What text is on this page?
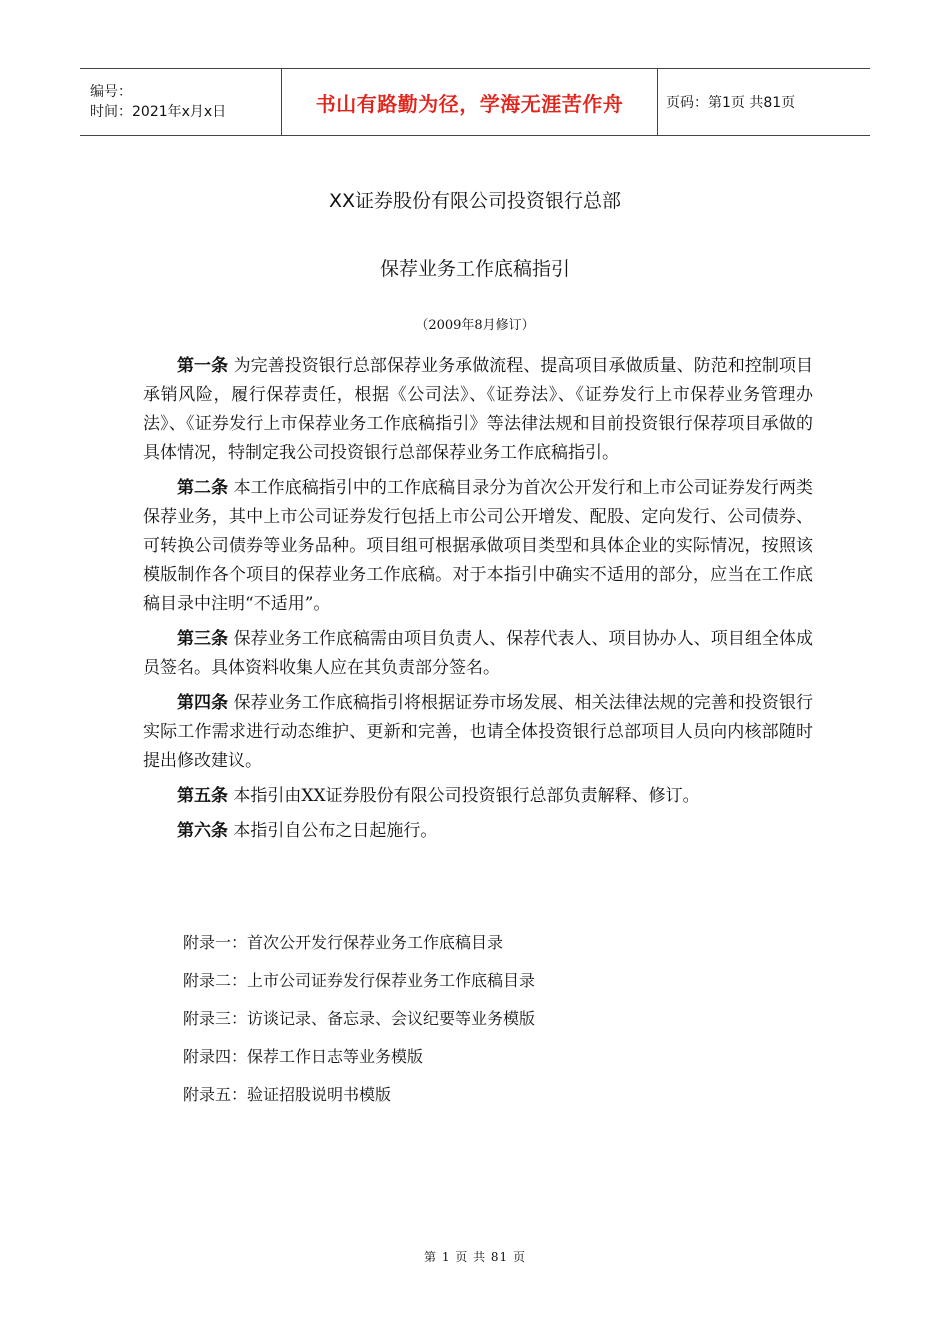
编号：
时间：2021年x月x日	书山有路勤为径，学海无涯苦作舟	页码：第1页 共81页
XX证券股份有限公司投资银行总部
保荐业务工作底稿指引
（2009年8月修订）

第一条 为完善投资银行总部保荐业务承做流程、提高项目承做质量、防范和控制项目承销风险，履行保荐责任，根据《公司法》、《证券法》、《证券发行上市保荐业务管理办法》、《证券发行上市保荐业务工作底稿指引》等法律法规和目前投资银行保荐项目承做的具体情况，特制定我公司投资银行总部保荐业务工作底稿指引。

第二条 本工作底稿指引中的工作底稿目录分为首次公开发行和上市公司证券发行两类保荐业务，其中上市公司证券发行包括上市公司公开增发、配股、定向发行、公司债券、可转换公司债券等业务品种。项目组可根据承做项目类型和具体企业的实际情况，按照该模版制作各个项目的保荐业务工作底稿。对于本指引中确实不适用的部分，应当在工作底稿目录中注明“不适用”。

第三条 保荐业务工作底稿需由项目负责人、保荐代表人、项目协办人、项目组全体成员签名。具体资料收集人应在其负责部分签名。

第四条 保荐业务工作底稿指引将根据证券市场发展、相关法律法规的完善和投资银行实际工作需求进行动态维护、更新和完善，也请全体投资银行总部项目人员向内核部随时提出修改建议。

第五条 本指引由XX证券股份有限公司投资银行总部负责解释、修订。

第六条 本指引自公布之日起施行。

附录一：首次公开发行保荐业务工作底稿目录
附录二：上市公司证券发行保荐业务工作底稿目录
附录三：访谈记录、备忘录、会议纪要等业务模版
附录四：保荐工作日志等业务模版
附录五：验证招股说明书模版
第 1 页 共 81 页
